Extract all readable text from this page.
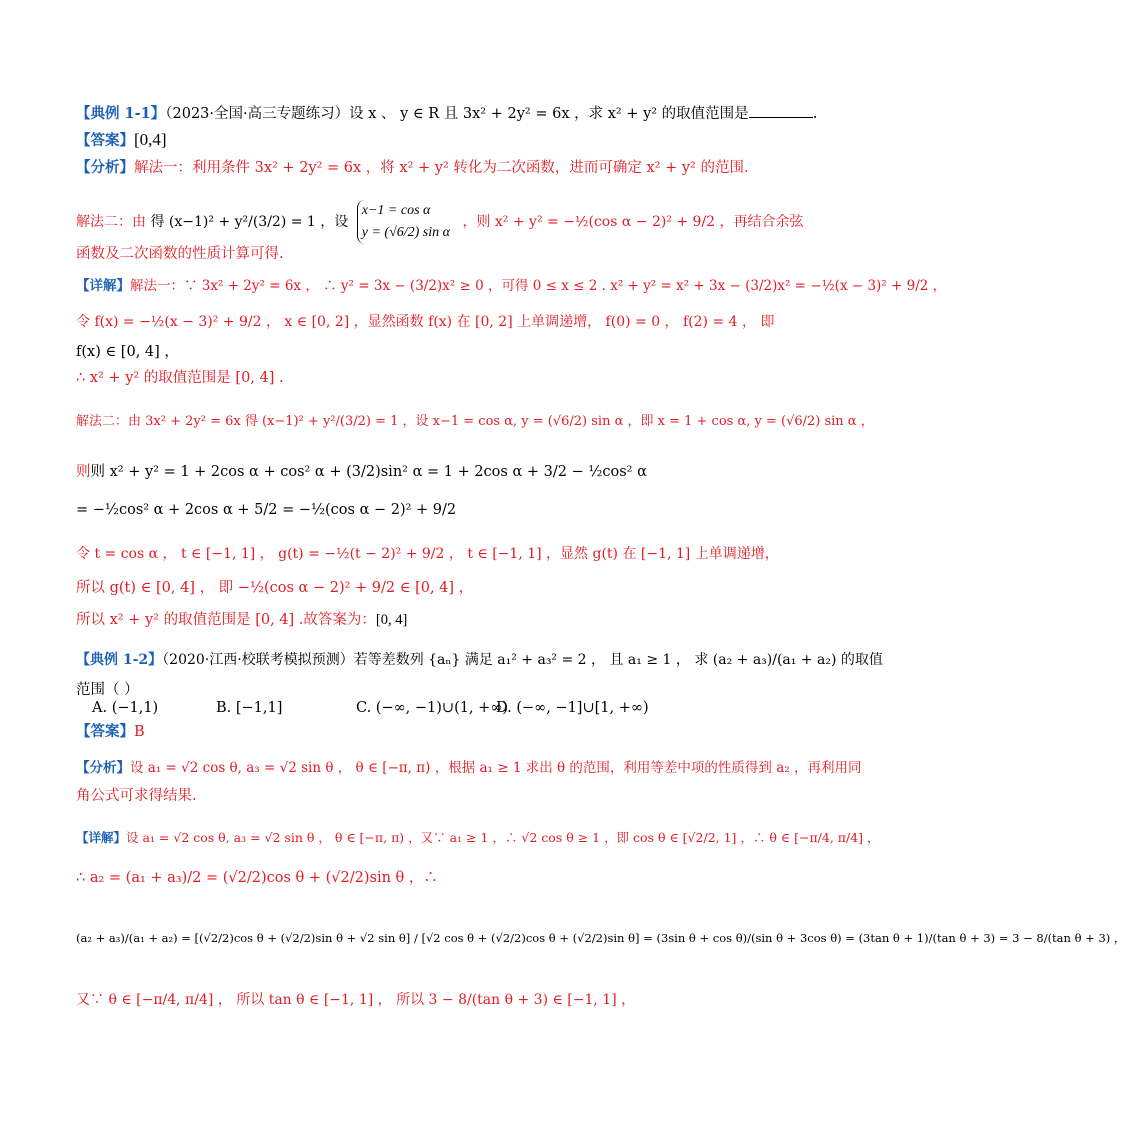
【典例 1-1】（2023·全国·高三专题练习）设 x 、 y ∈ R 且 3x² + 2y² = 6x ，求 x² + y² 的取值范围是	.
【答案】[0,4]
【分析】解法一：利用条件 3x² + 2y² = 6x ，将 x² + y² 转化为二次函数，进而可确定 x² + y² 的范围.
解法二：由 得 (x−1)² + y²/(3/2) = 1 ，设 x−1 = cos α
y = (√6/2) sin α ，则 x² + y² = −½(cos α − 2)² + 9/2 ，再结合余弦
函数及二次函数的性质计算可得.
【详解】解法一：∵ 3x² + 2y² = 6x ， ∴ y² = 3x − (3/2)x² ≥ 0 ，可得 0 ≤ x ≤ 2 . x² + y² = x² + 3x − (3/2)x² = −½(x − 3)² + 9/2 ，
令 f(x) = −½(x − 3)² + 9/2 ， x ∈ [0, 2] ，显然函数 f(x) 在 [0, 2] 上单调递增， f(0) = 0 ， f(2) = 4 ， 即
f(x) ∈ [0, 4] ，
∴ x² + y² 的取值范围是 [0, 4] .
解法二：由 3x² + 2y² = 6x 得 (x−1)² + y²/(3/2) = 1 ，设 x−1 = cos α, y = (√6/2) sin α ，即 x = 1 + cos α, y = (√6/2) sin α ，
则则 x² + y² = 1 + 2cos α + cos² α + (3/2)sin² α = 1 + 2cos α + 3/2 − ½cos² α
= −½cos² α + 2cos α + 5/2 = −½(cos α − 2)² + 9/2
令 t = cos α ， t ∈ [−1, 1] ， g(t) = −½(t − 2)² + 9/2 ， t ∈ [−1, 1] ，显然 g(t) 在 [−1, 1] 上单调递增，
所以 g(t) ∈ [0, 4] ， 即 −½(cos α − 2)² + 9/2 ∈ [0, 4] ，
所以 x² + y² 的取值范围是 [0, 4] .故答案为：[0, 4]
【典例 1-2】（2020·江西·校联考模拟预测）若等差数列 {aₙ} 满足 a₁² + a₃² = 2 ， 且 a₁ ≥ 1 ， 求 (a₂ + a₃)/(a₁ + a₂) 的取值
范围（ ）
A. (−1,1)	B. [−1,1]	C. (−∞, −1)∪(1, +∞)D. (−∞, −1]∪[1, +∞)
【答案】B
【分析】设 a₁ = √2 cos θ, a₃ = √2 sin θ ， θ ∈ [−π, π) ，根据 a₁ ≥ 1 求出 θ 的范围，利用等差中项的性质得到 a₂ ，再利用同
角公式可求得结果.
【详解】设 a₁ = √2 cos θ, a₃ = √2 sin θ ， θ ∈ [−π, π) ，又∵ a₁ ≥ 1 ，∴ √2 cos θ ≥ 1 ，即 cos θ ∈ [√2/2, 1] ，∴ θ ∈ [−π/4, π/4] ，
∴ a₂ = (a₁ + a₃)/2 = (√2/2)cos θ + (√2/2)sin θ ，∴
(a₂ + a₃)/(a₁ + a₂) = [(√2/2)cos θ + (√2/2)sin θ + √2 sin θ] / [√2 cos θ + (√2/2)cos θ + (√2/2)sin θ] = (3sin θ + cos θ)/(sin θ + 3cos θ) = (3tan θ + 1)/(tan θ + 3) = 3 − 8/(tan θ + 3) ，
又∵ θ ∈ [−π/4, π/4] ， 所以 tan θ ∈ [−1, 1] ， 所以 3 − 8/(tan θ + 3) ∈ [−1, 1] ，
